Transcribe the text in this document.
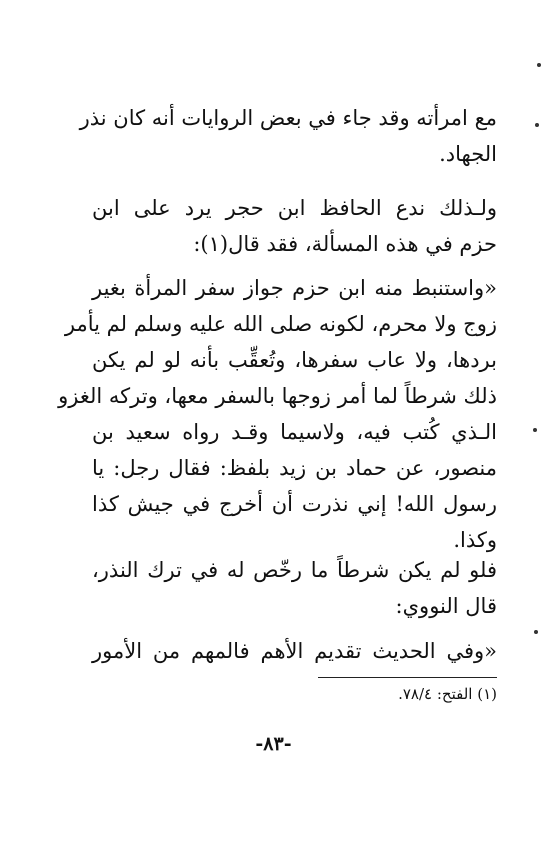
مع امرأته وقد جاء في بعض الروايات أنه كان نذر
الجهاد.
ولـذلك ندع الحافظ ابن حجر يرد على ابن
حزم في هذه المسألة، فقد قال(١):
«واستنبط منه ابن حزم جواز سفر المرأة بغير
زوج ولا محرم، لكونه صلى الله عليه وسلم لم يأمر
بردها، ولا عاب سفرها، وتُعقِّب بأنه لو لم يكن
ذلك شرطاً لما أمر زوجها بالسفر معها، وتركه الغزو
الـذي كُتب فيه، ولاسيما وقـد رواه سعيد بن
منصور، عن حماد بن زيد بلفظ: فقال رجل: يا
رسول الله! إني نذرت أن أخرج في جيش كذا
وكذا.
فلو لم يكن شرطاً ما رخّص له في ترك النذر،
قال النووي:
«وفي الحديث تقديم الأهم فالمهم من الأمور
(١) الفتح: ٧٨/٤.
-٨٣-
